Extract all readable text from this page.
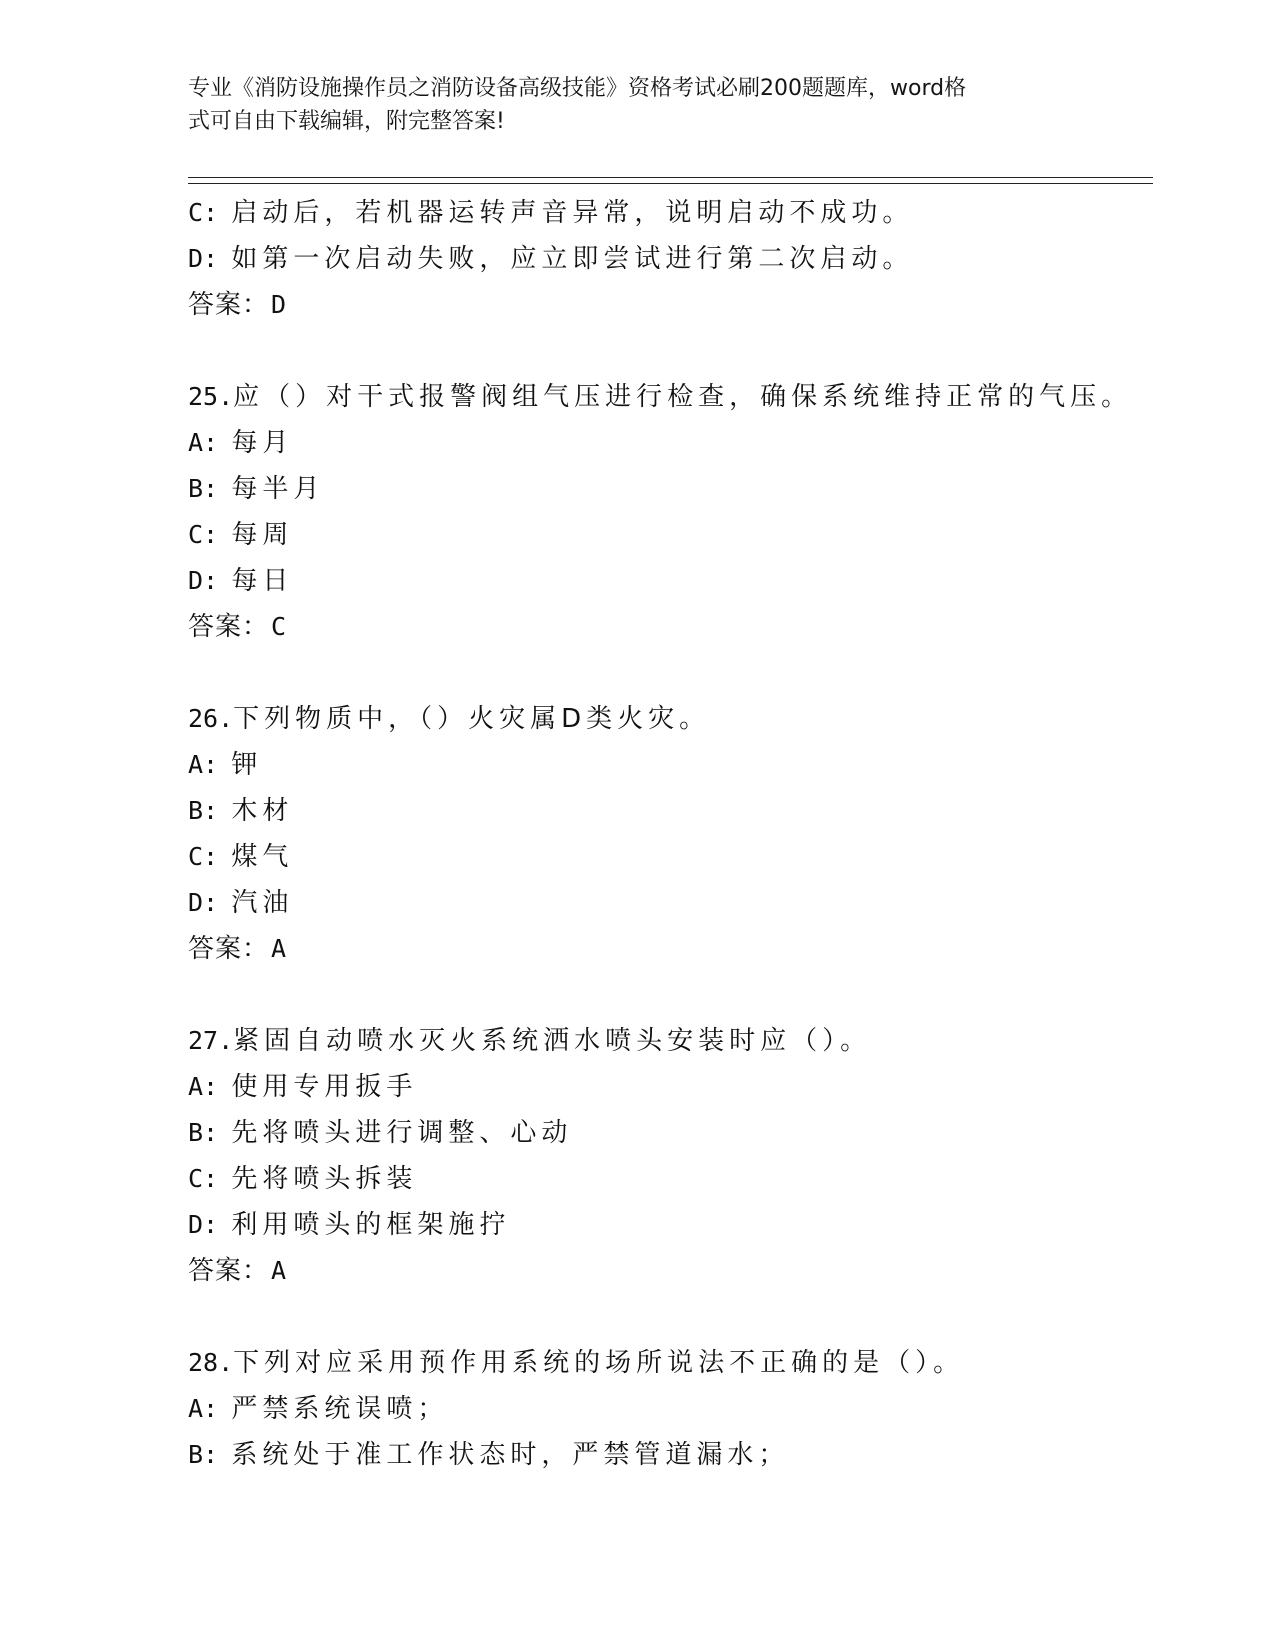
专业《消防设施操作员之消防设备高级技能》资格考试必刷200题题库，word格
式可自由下载编辑，附完整答案!
C: 启动后，若机器运转声音异常，说明启动不成功。
D: 如第一次启动失败，应立即尝试进行第二次启动。
答案：D
25.应（）对干式报警阀组气压进行检查，确保系统维持正常的气压。
A: 每月
B: 每半月
C: 每周
D: 每日
答案：C
26.下列物质中，（）火灾属D类火灾。
A: 钾
B: 木材
C: 煤气
D: 汽油
答案：A
27.紧固自动喷水灭火系统洒水喷头安装时应（）。
A: 使用专用扳手
B: 先将喷头进行调整、心动
C: 先将喷头拆装
D: 利用喷头的框架施拧
答案：A
28.下列对应采用预作用系统的场所说法不正确的是（）。
A: 严禁系统误喷；
B: 系统处于准工作状态时，严禁管道漏水；
